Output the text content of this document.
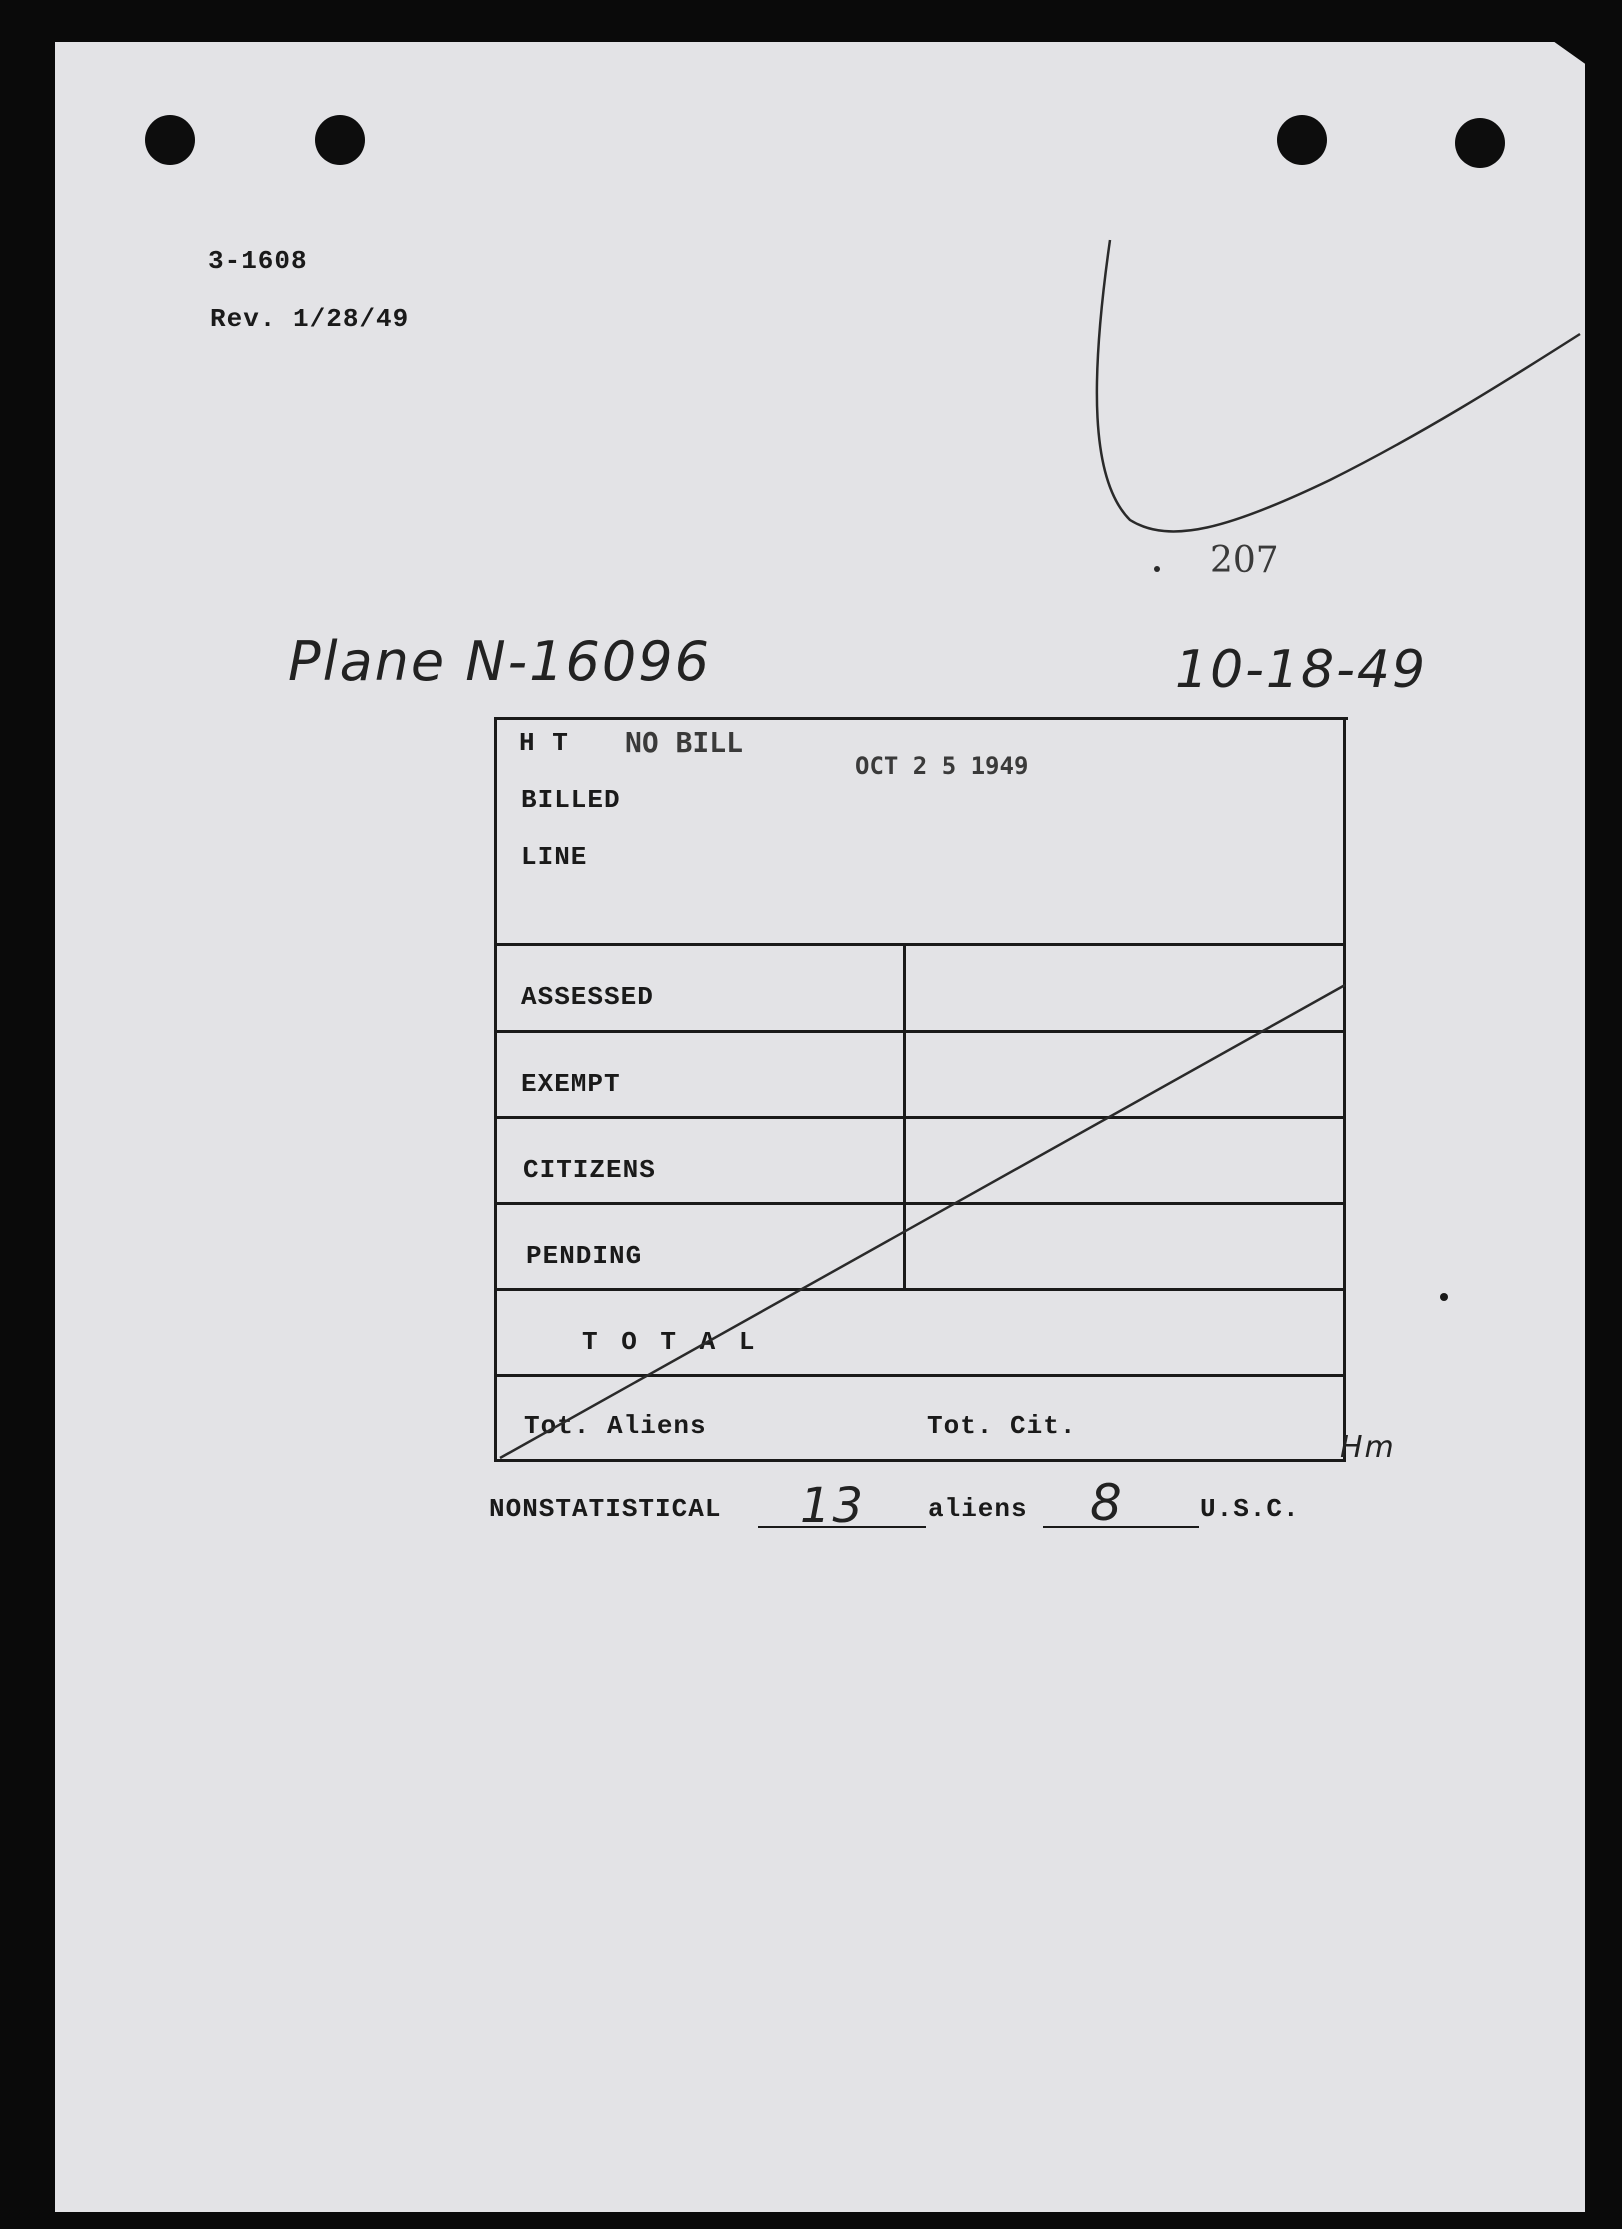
3-1608
Rev. 1/28/49
207
Plane N-16096	10-18-49
H T NO BILL
OCT 2 5 1949
BILLED
LINE
ASSESSED
EXEMPT
CITIZENS
PENDING
T O T A L
Tot. Aliens	Tot. Cit.
Hm
NONSTATISTICAL 13 aliens 8	U.S.C.
